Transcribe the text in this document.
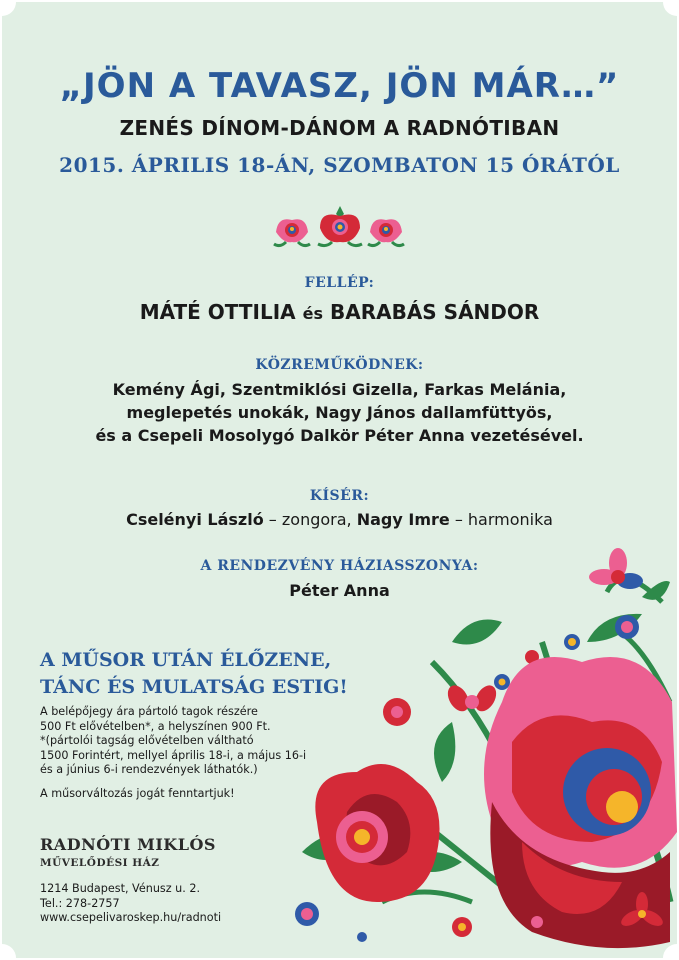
„JÖN A TAVASZ, JÖN MÁR…”
ZENÉS DÍNOM-DÁNOM A RADNÓTIBAN
2015. ÁPRILIS 18-ÁN, SZOMBATON 15 ÓRÁTÓL
FELLÉP:
MÁTÉ OTTILIA és BARABÁS SÁNDOR
KÖZREMŰKÖDNEK:
Kemény Ági, Szentmiklósi Gizella, Farkas Melánia,
meglepetés unokák, Nagy János dallamfüttyös,
és a Csepeli Mosolygó Dalkör Péter Anna vezetésével.
KÍSÉR:
Cselényi László – zongora, Nagy Imre – harmonika
A RENDEZVÉNY HÁZIASSZONYA:
Péter Anna
A MŰSOR UTÁN ÉLŐZENE,
TÁNC ÉS MULATSÁG ESTIG!

A belépőjegy ára pártoló tagok részére

500 Ft elővételben*, a helyszínen 900 Ft.

*(pártolói tagság elővételben váltható

1500 Forintért, mellyel április 18-i, a május 16-i

és a június 6-i rendezvények láthatók.)

A műsorváltozás jogát fenntartjuk!
RADNÓTI MIKLÓS
MŰVELŐDÉSI HÁZ
1214 Budapest, Vénusz u. 2.
Tel.: 278-2757
www.csepelivaroskep.hu/radnoti
